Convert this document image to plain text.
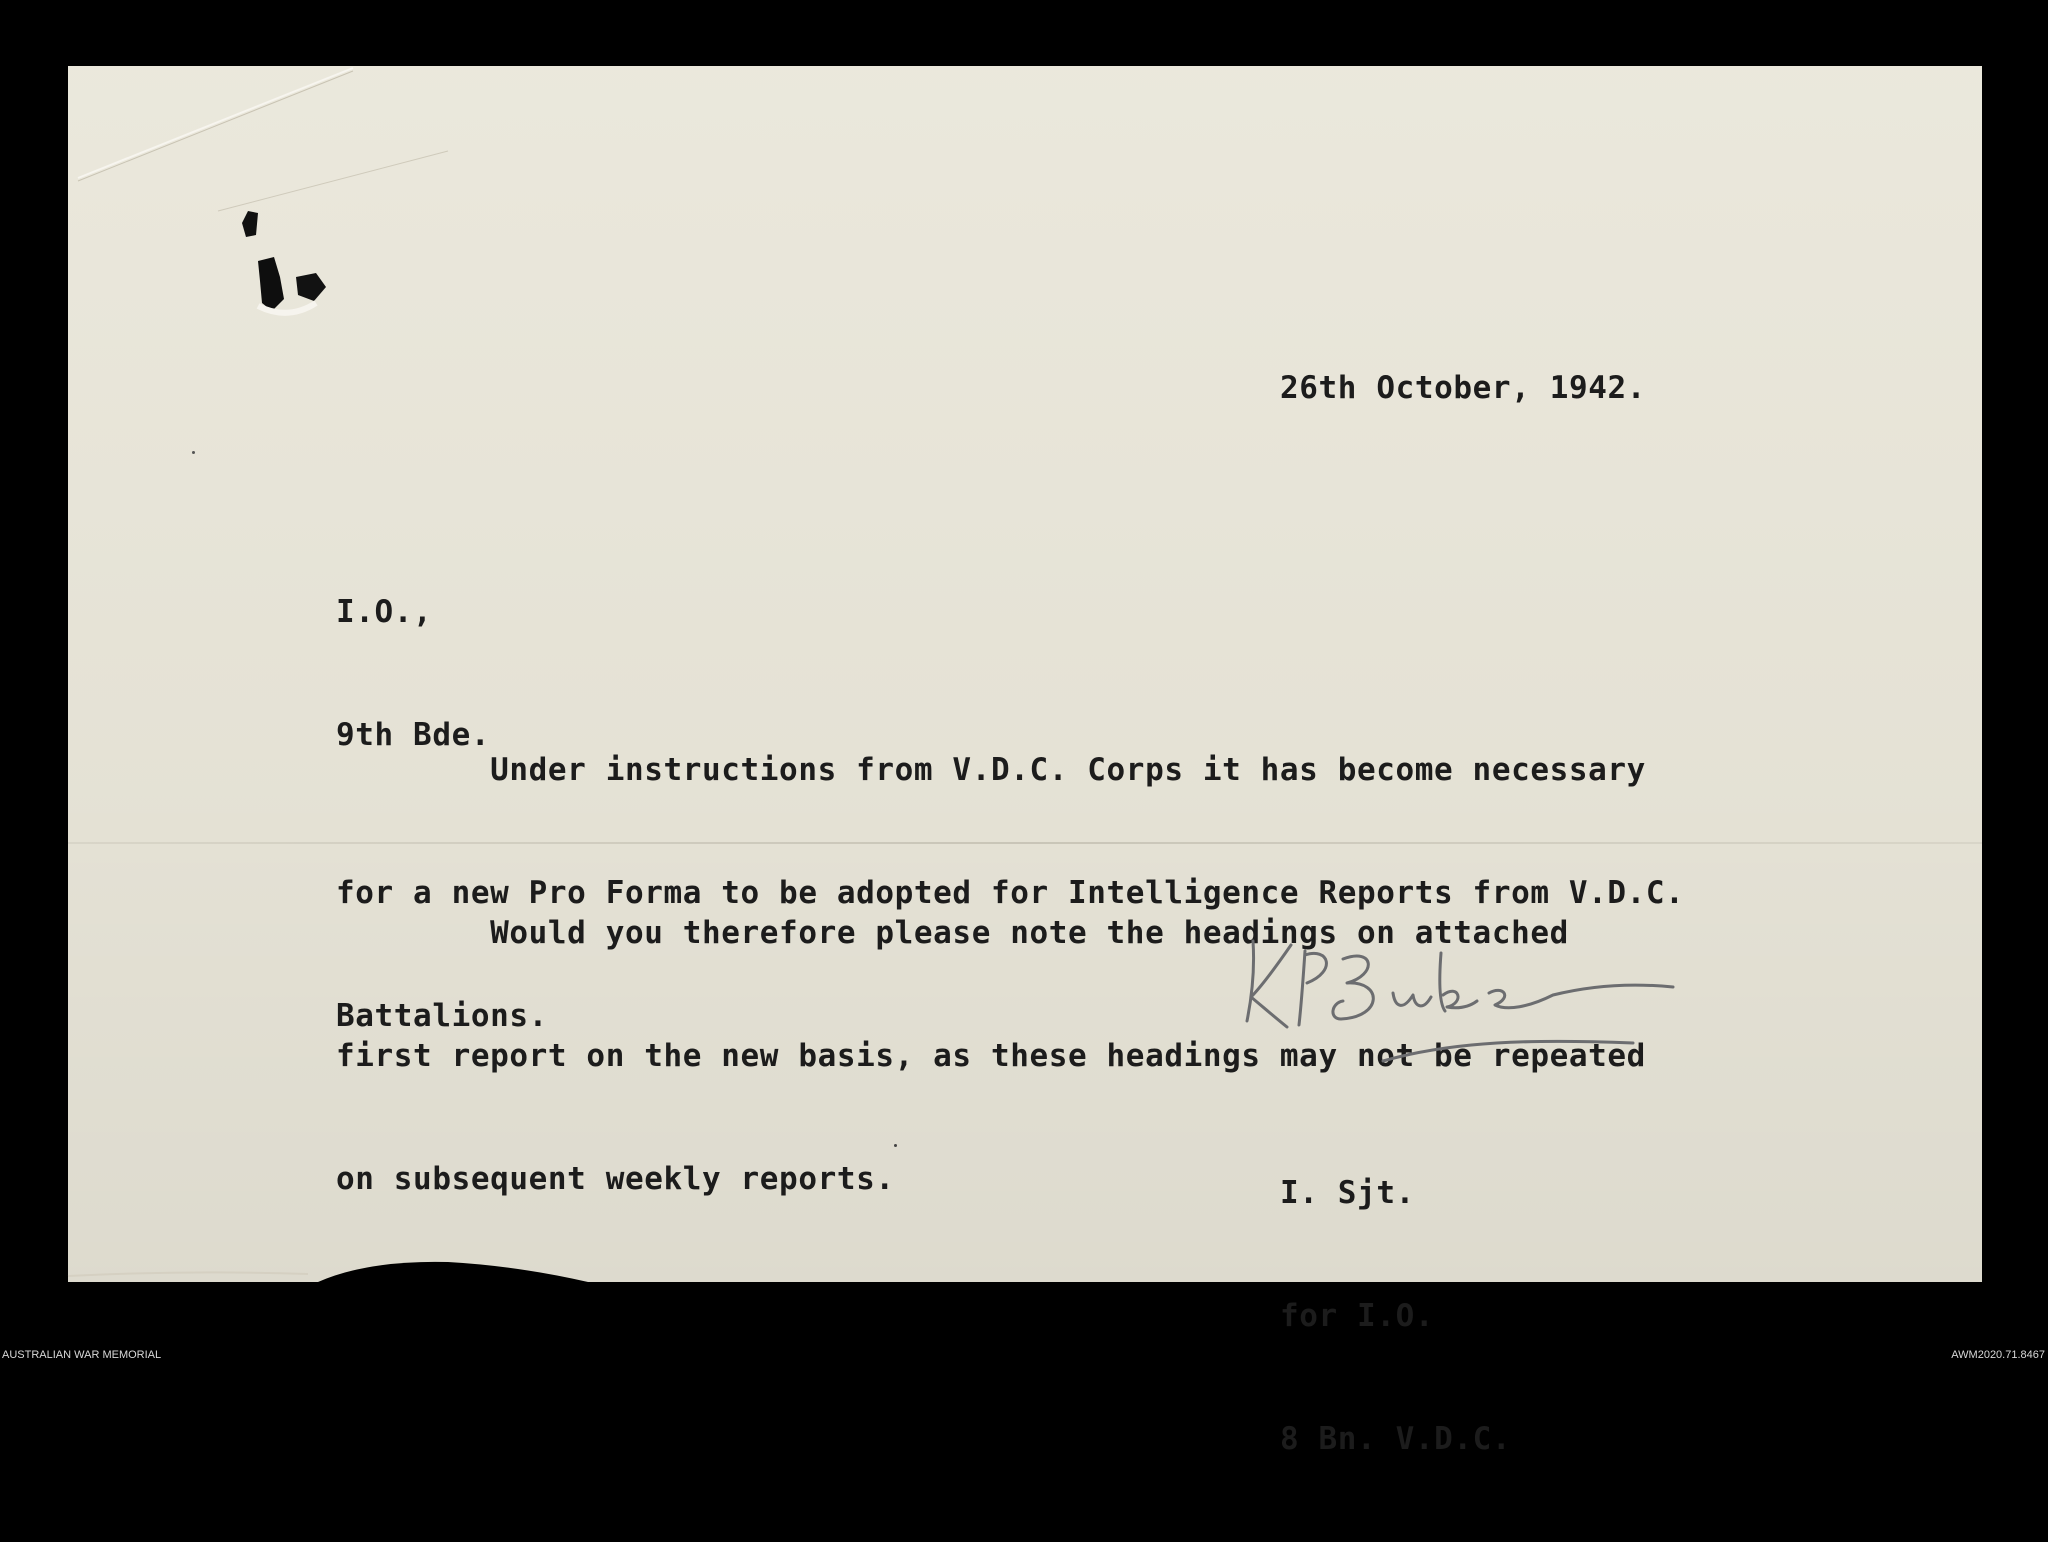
26th October, 1942.

I.O.,

9th Bde.

Under instructions from V.D.C. Corps it has become necessary

for a new Pro Forma to be adopted for Intelligence Reports from V.D.C.

Battalions.

Would you therefore please note the headings on attached

first report on the new basis, as these headings may not be repeated

on subsequent weekly reports.

	I. Sjt.

for I.O.

8 Bn. V.D.C.

AUSTRALIAN WAR MEMORIAL	AWM2020.71.8467
